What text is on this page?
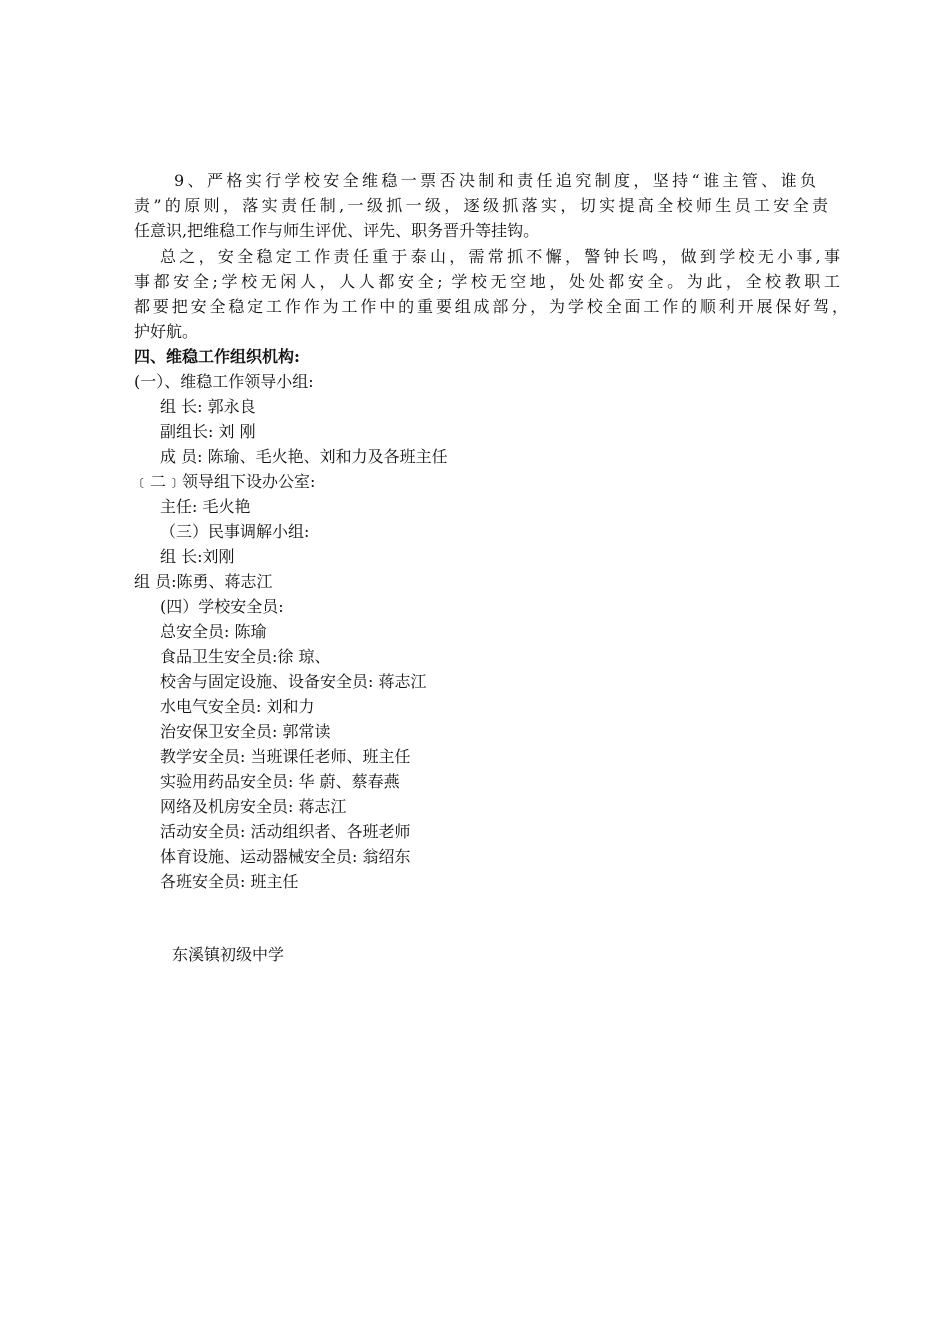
9、严格实行学校安全维稳一票否决制和责任追究制度，坚持“谁主管、谁负
责”的原则，落实责任制,一级抓一级，逐级抓落实，切实提高全校师生员工安全责
任意识,把维稳工作与师生评优、评先、职务晋升等挂钩。
总之，安全稳定工作责任重于泰山，需常抓不懈，警钟长鸣，做到学校无小事,事
事都安全;学校无闲人，人人都安全; 学校无空地，处处都安全。为此，全校教职工
都要把安全稳定工作作为工作中的重要组成部分，为学校全面工作的顺利开展保好驾，
护好航。
四、维稳工作组织机构:
(一）、维稳工作领导小组:
组 长: 郭永良
副组长: 刘 刚
成 员: 陈瑜、毛火艳、刘和力及各班主任
﹝二﹞领导组下设办公室:
主任: 毛火艳
（三）民事调解小组:
组 长:刘刚
组 员:陈勇、蒋志江
(四）学校安全员:
总安全员: 陈瑜
食品卫生安全员:徐 琼、
校舍与固定设施、设备安全员: 蒋志江
水电气安全员: 刘和力
治安保卫安全员: 郭常读
教学安全员: 当班课任老师、班主任
实验用药品安全员: 华 蔚、蔡春燕
网络及机房安全员: 蒋志江
活动安全员: 活动组织者、各班老师
体育设施、运动器械安全员: 翁绍东
各班安全员: 班主任
东溪镇初级中学
